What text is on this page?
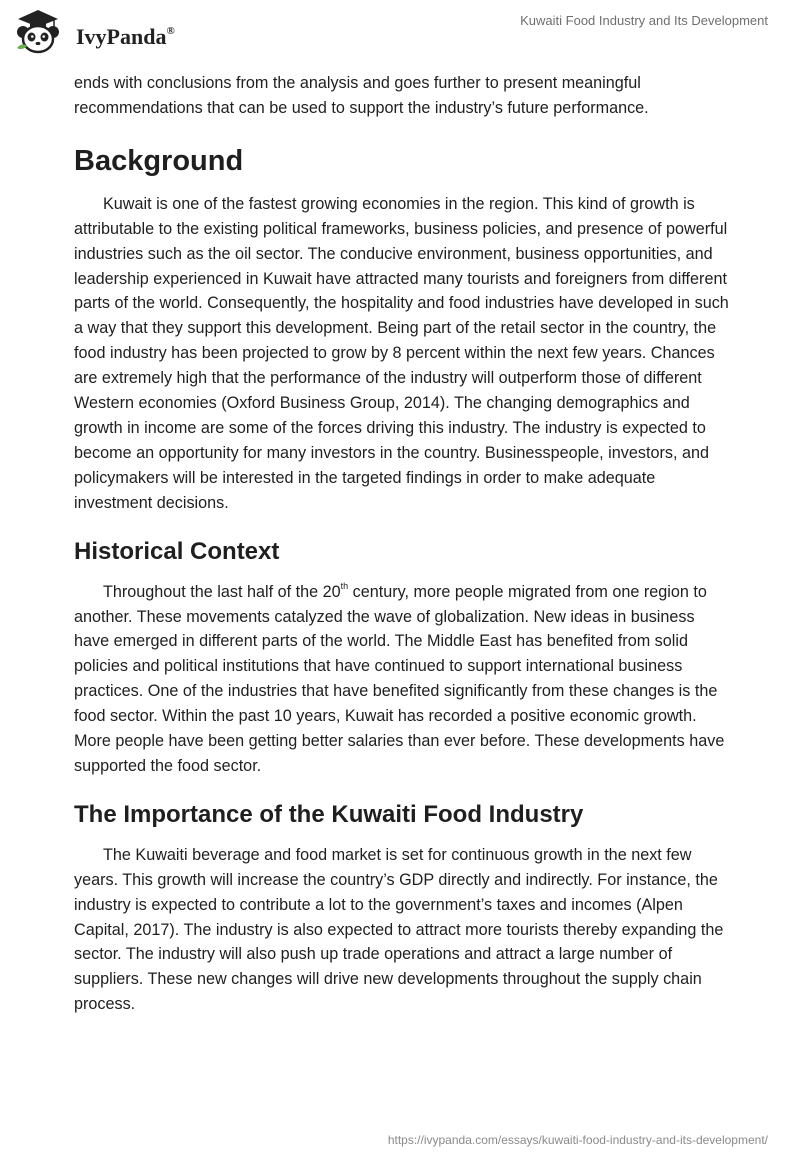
IvyPanda®
Kuwaiti Food Industry and Its Development

ends with conclusions from the analysis and goes further to present meaningful recommendations that can be used to support the industry’s future performance.

Background

Kuwait is one of the fastest growing economies in the region. This kind of growth is attributable to the existing political frameworks, business policies, and presence of powerful industries such as the oil sector. The conducive environment, business opportunities, and leadership experienced in Kuwait have attracted many tourists and foreigners from different parts of the world. Consequently, the hospitality and food industries have developed in such a way that they support this development. Being part of the retail sector in the country, the food industry has been projected to grow by 8 percent within the next few years. Chances are extremely high that the performance of the industry will outperform those of different Western economies (Oxford Business Group, 2014). The changing demographics and growth in income are some of the forces driving this industry. The industry is expected to become an opportunity for many investors in the country. Businesspeople, investors, and policymakers will be interested in the targeted findings in order to make adequate investment decisions.

Historical Context

Throughout the last half of the 20th century, more people migrated from one region to another. These movements catalyzed the wave of globalization. New ideas in business have emerged in different parts of the world. The Middle East has benefited from solid policies and political institutions that have continued to support international business practices. One of the industries that have benefited significantly from these changes is the food sector. Within the past 10 years, Kuwait has recorded a positive economic growth. More people have been getting better salaries than ever before. These developments have supported the food sector.

The Importance of the Kuwaiti Food Industry

The Kuwaiti beverage and food market is set for continuous growth in the next few years. This growth will increase the country’s GDP directly and indirectly. For instance, the industry is expected to contribute a lot to the government’s taxes and incomes (Alpen Capital, 2017). The industry is also expected to attract more tourists thereby expanding the sector. The industry will also push up trade operations and attract a large number of suppliers. These new changes will drive new developments throughout the supply chain process.

https://ivypanda.com/essays/kuwaiti-food-industry-and-its-development/
